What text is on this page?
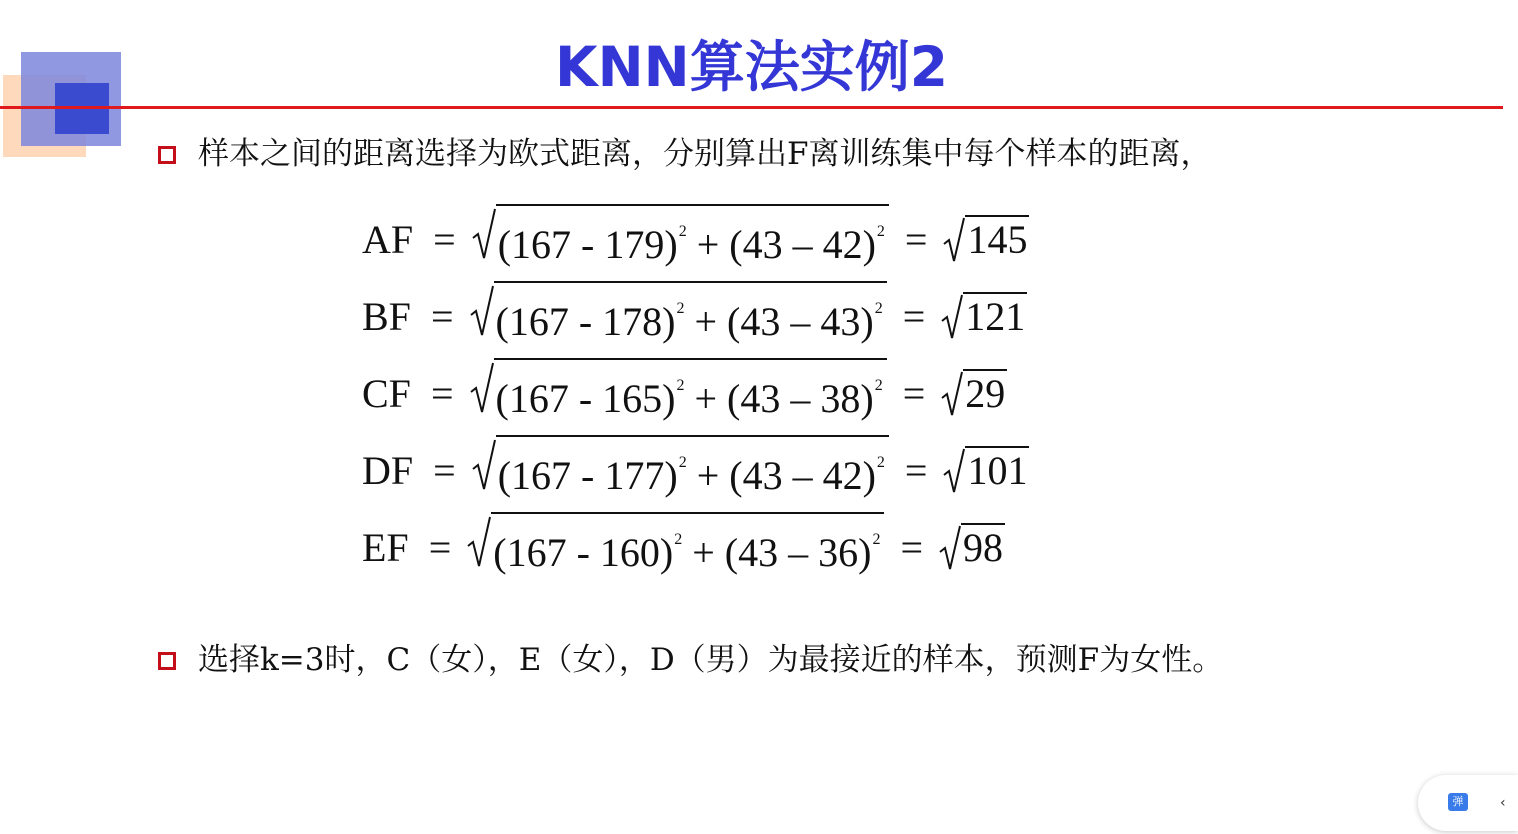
KNN算法实例2
样本之间的距离选择为欧式距离，分别算出F离训练集中每个样本的距离，
AF = (167 - 179)$^2$ + (43 – 42)$^2$ = 145
BF = (167 - 178)$^2$ + (43 – 43)$^2$ = 121
CF = (167 - 165)$^2$ + (43 – 38)$^2$ = 29
DF = (167 - 177)$^2$ + (43 – 42)$^2$ = 101
EF = (167 - 160)$^2$ + (43 – 36)$^2$ = 98
选择k=3时，C（女），E（女），D（男）为最接近的样本，预测F为女性。
弹	‹
